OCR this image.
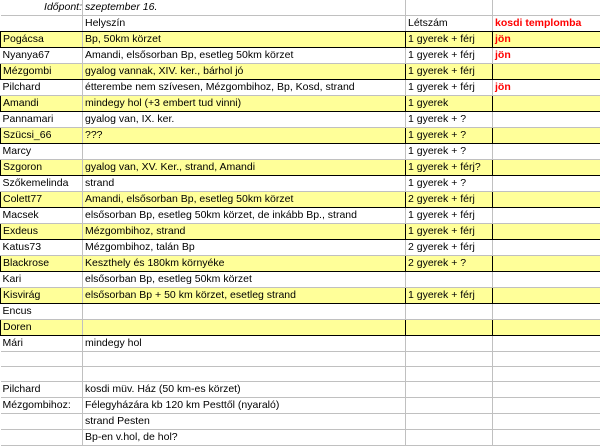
Időpont:	szeptember 16.		
	Helyszín	Létszám	kosdi templomba
Pogácsa	Bp, 50km körzet	1 gyerek + férj	jön
Nyanya67	Amandi, elsősorban Bp, esetleg 50km körzet	1 gyerek + férj	jön
Mézgombi	gyalog vannak, XIV. ker., bárhol jó	1 gyerek + férj	
Pilchard	étterembe nem szívesen, Mézgombihoz, Bp, Kosd, strand	1 gyerek + férj	jön
Amandi	mindegy hol (+3 embert tud vinni)	1 gyerek	
Pannamari	gyalog van, IX. ker.	1 gyerek + ?	
Szücsi_66	???	1 gyerek + ?	
Marcy		1 gyerek + ?	
Szgoron	gyalog van, XV. Ker., strand, Amandi	1 gyerek + férj?	
Szőkemelinda	strand	1 gyerek + ?	
Colett77	Amandi, elsősorban Bp, esetleg 50km körzet	2 gyerek + férj	
Macsek	elsősorban Bp, esetleg 50km körzet, de inkább Bp., strand	1 gyerek + férj	
Exdeus	Mézgombihoz, strand	1 gyerek + férj	
Katus73	Mézgombihoz, talán Bp	2 gyerek + férj	
Blackrose	Keszthely és 180km környéke	2 gyerek + ?	
Kari	elsősorban Bp, esetleg 50km körzet		
Kisvirág	elsősorban Bp + 50 km körzet, esetleg strand	1 gyerek + férj	
Encus			
Doren			
Mári	mindegy hol		

Pilchard	kosdi müv. Ház (50 km-es körzet)		
Mézgombihoz:	Félegyházára kb 120 km Pesttől (nyaraló)		
	strand Pesten		
	Bp-en v.hol, de hol?		
